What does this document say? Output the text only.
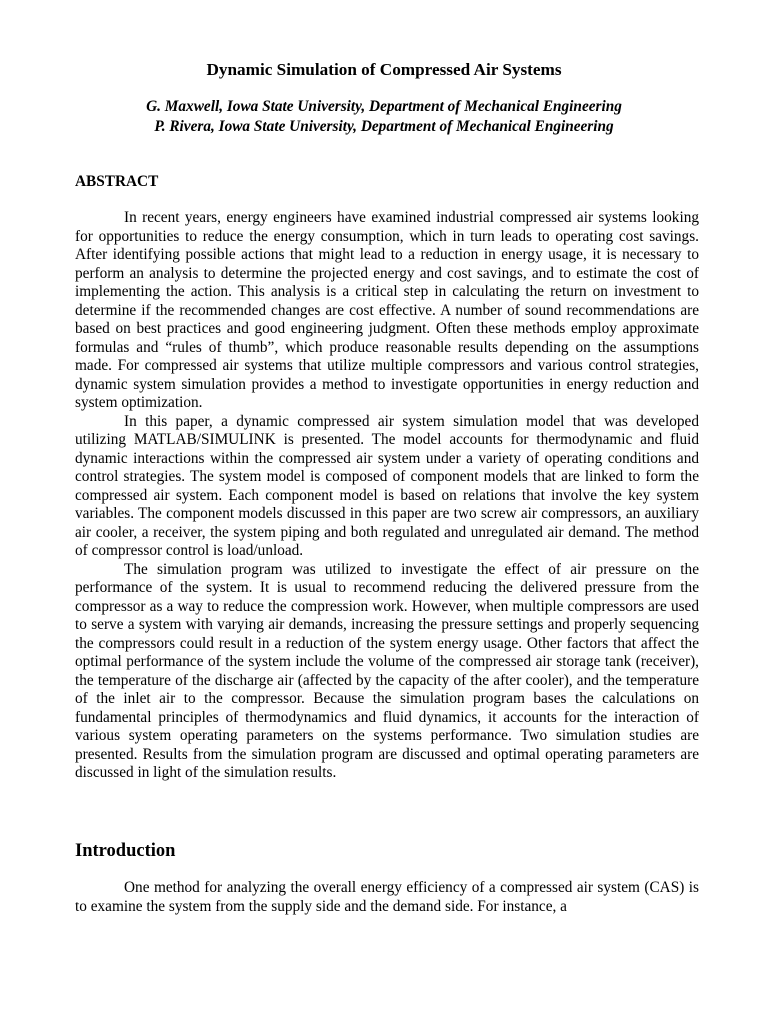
Dynamic Simulation of Compressed Air Systems
G. Maxwell, Iowa State University, Department of Mechanical Engineering
P. Rivera, Iowa State University, Department of Mechanical Engineering
ABSTRACT

In recent years, energy engineers have examined industrial compressed air systems looking for opportunities to reduce the energy consumption, which in turn leads to operating cost savings. After identifying possible actions that might lead to a reduction in energy usage, it is necessary to perform an analysis to determine the projected energy and cost savings, and to estimate the cost of implementing the action. This analysis is a critical step in calculating the return on investment to determine if the recommended changes are cost effective. A number of sound recommendations are based on best practices and good engineering judgment. Often these methods employ approximate formulas and “rules of thumb”, which produce reasonable results depending on the assumptions made. For compressed air systems that utilize multiple compressors and various control strategies, dynamic system simulation provides a method to investigate opportunities in energy reduction and system optimization.

In this paper, a dynamic compressed air system simulation model that was developed utilizing MATLAB/SIMULINK is presented. The model accounts for thermodynamic and fluid dynamic interactions within the compressed air system under a variety of operating conditions and control strategies. The system model is composed of component models that are linked to form the compressed air system. Each component model is based on relations that involve the key system variables. The component models discussed in this paper are two screw air compressors, an auxiliary air cooler, a receiver, the system piping and both regulated and unregulated air demand. The method of compressor control is load/unload.

The simulation program was utilized to investigate the effect of air pressure on the performance of the system. It is usual to recommend reducing the delivered pressure from the compressor as a way to reduce the compression work. However, when multiple compressors are used to serve a system with varying air demands, increasing the pressure settings and properly sequencing the compressors could result in a reduction of the system energy usage. Other factors that affect the optimal performance of the system include the volume of the compressed air storage tank (receiver), the temperature of the discharge air (affected by the capacity of the after cooler), and the temperature of the inlet air to the compressor. Because the simulation program bases the calculations on fundamental principles of thermodynamics and fluid dynamics, it accounts for the interaction of various system operating parameters on the systems performance. Two simulation studies are presented. Results from the simulation program are discussed and optimal operating parameters are discussed in light of the simulation results.

Introduction

One method for analyzing the overall energy efficiency of a compressed air system (CAS) is to examine the system from the supply side and the demand side. For instance, a
